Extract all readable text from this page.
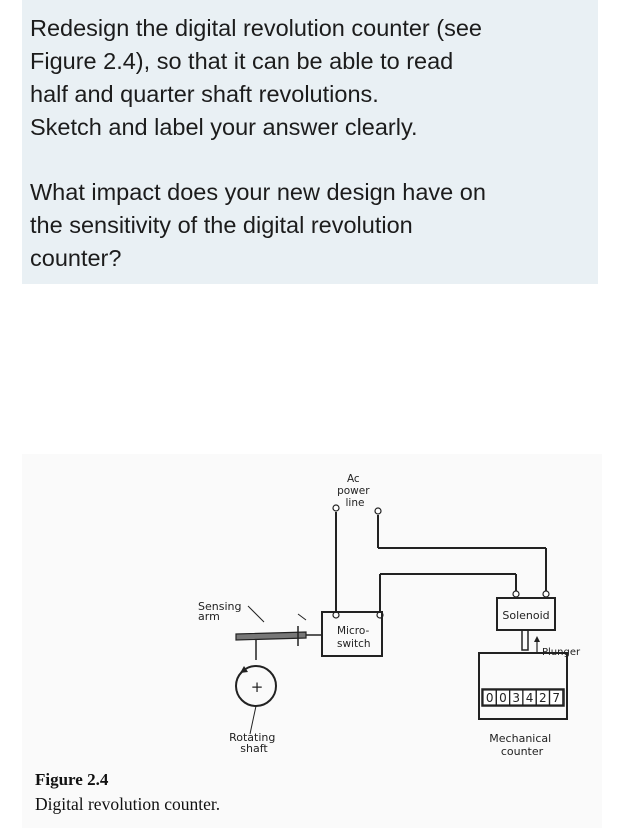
Redesign the digital revolution counter (see
Figure 2.4), so that it can be able to read
half and quarter shaft revolutions.
Sketch and label your answer clearly.
What impact does your new design have on
the sensitivity of the digital revolution
counter?
0 0 3 4 2 7
+
Ac power line
Sensing arm
Micro- switch
Solenoid
Plunger
Rotating shaft
Mechanical counter
Figure 2.4
Digital revolution counter.
